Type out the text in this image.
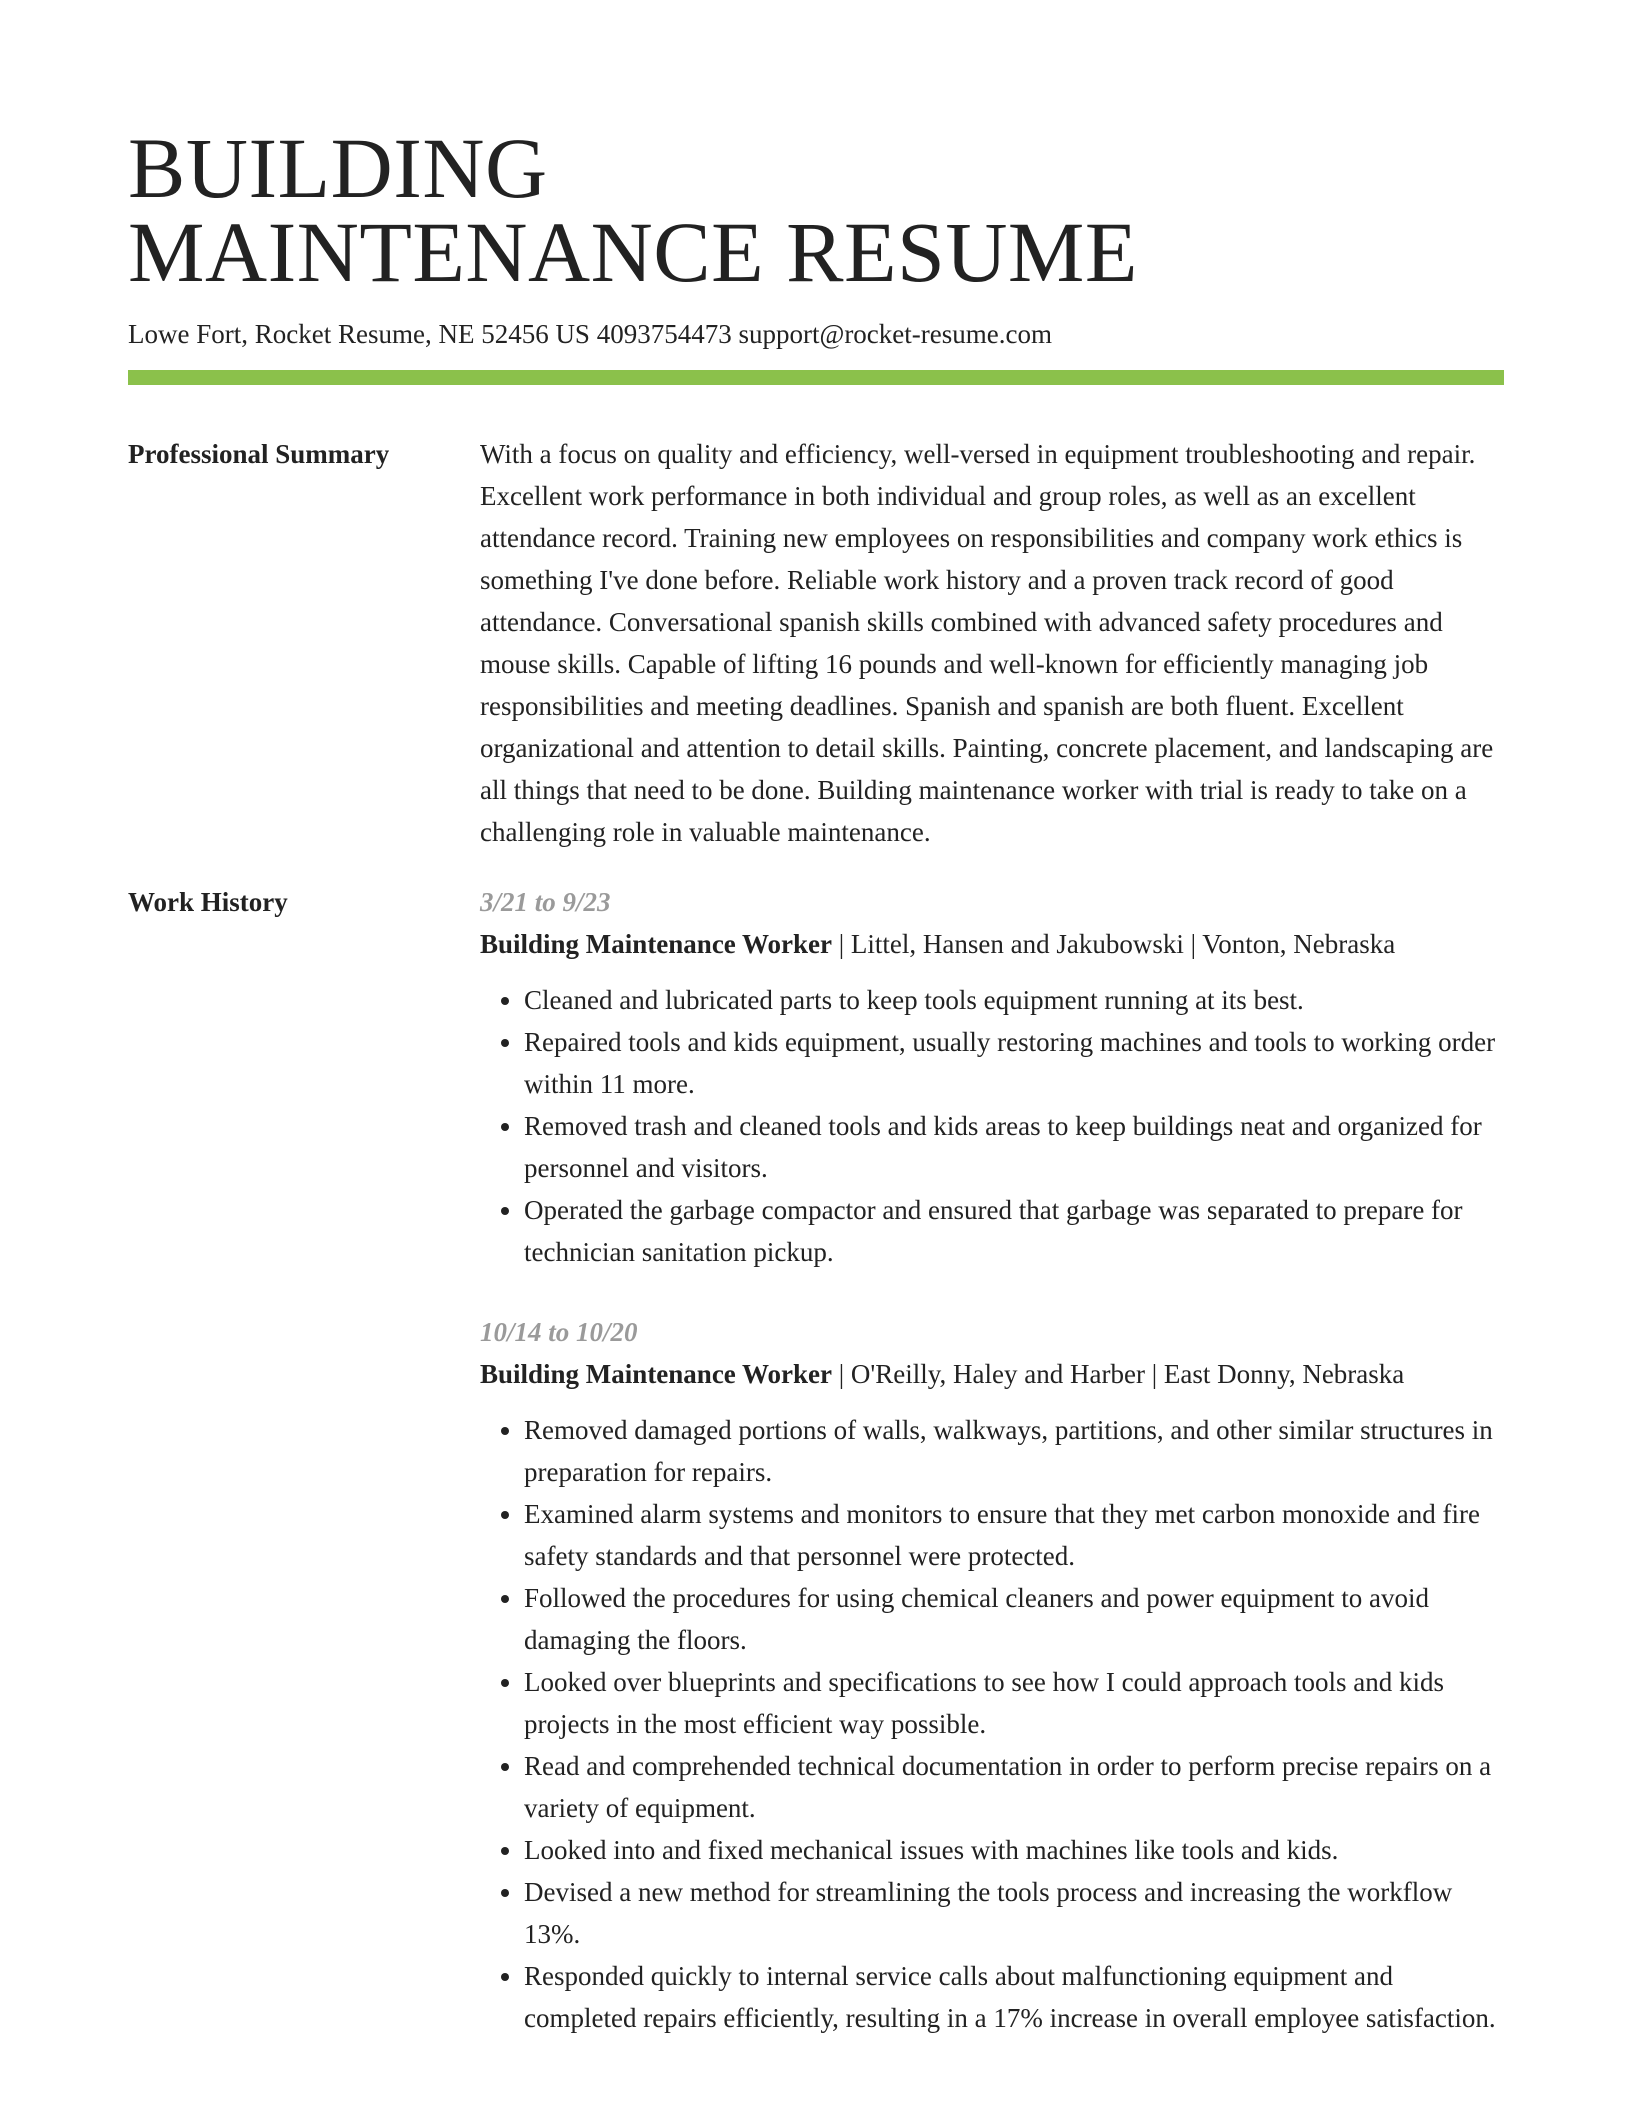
BUILDING
MAINTENANCE RESUME
Lowe Fort, Rocket Resume, NE 52456 US 4093754473 support@rocket-resume.com
Professional Summary	With a focus on quality and efficiency, well-versed in equipment troubleshooting and repair. Excellent work performance in both individual and group roles, as well as an excellent attendance record. Training new employees on responsibilities and company work ethics is something I've done before. Reliable work history and a proven track record of good attendance. Conversational spanish skills combined with advanced safety procedures and mouse skills. Capable of lifting 16 pounds and well-known for efficiently managing job responsibilities and meeting deadlines. Spanish and spanish are both fluent. Excellent organizational and attention to detail skills. Painting, concrete placement, and landscaping are all things that need to be done. Building maintenance worker with trial is ready to take on a challenging role in valuable maintenance.

Work History	3/21 to 9/23
Building Maintenance Worker | Littel, Hansen and Jakubowski | Vonton, Nebraska
• Cleaned and lubricated parts to keep tools equipment running at its best.
• Repaired tools and kids equipment, usually restoring machines and tools to working order within 11 more.
• Removed trash and cleaned tools and kids areas to keep buildings neat and organized for personnel and visitors.
• Operated the garbage compactor and ensured that garbage was separated to prepare for technician sanitation pickup.
10/14 to 10/20
Building Maintenance Worker | O'Reilly, Haley and Harber | East Donny, Nebraska
• Removed damaged portions of walls, walkways, partitions, and other similar structures in preparation for repairs.
• Examined alarm systems and monitors to ensure that they met carbon monoxide and fire safety standards and that personnel were protected.
• Followed the procedures for using chemical cleaners and power equipment to avoid damaging the floors.
• Looked over blueprints and specifications to see how I could approach tools and kids projects in the most efficient way possible.
• Read and comprehended technical documentation in order to perform precise repairs on a variety of equipment.
• Looked into and fixed mechanical issues with machines like tools and kids.
• Devised a new method for streamlining the tools process and increasing the workflow 13%.
• Responded quickly to internal service calls about malfunctioning equipment and completed repairs efficiently, resulting in a 17% increase in overall employee satisfaction.
